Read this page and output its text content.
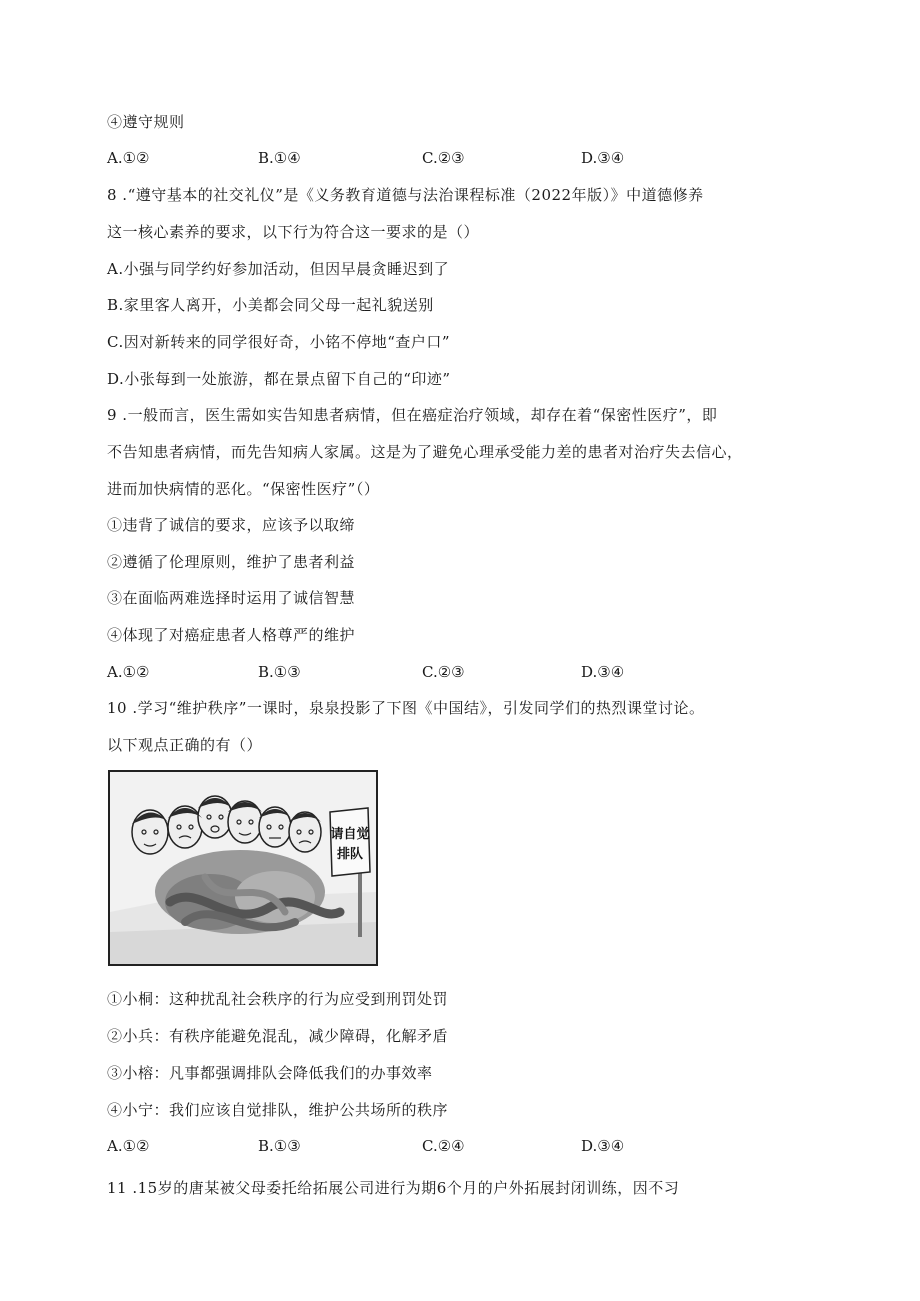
④遵守规则
A.①②	B.①④	C.②③	D.③④
8 .“遵守基本的社交礼仪”是《义务教育道德与法治课程标准（2022年版）》中道德修养
这一核心素养的要求，以下行为符合这一要求的是（）
A.小强与同学约好参加活动，但因早晨贪睡迟到了
B.家里客人离开，小美都会同父母一起礼貌送别
C.因对新转来的同学很好奇，小铭不停地“查户口”
D.小张每到一处旅游，都在景点留下自己的“印迹”
9 .一般而言，医生需如实告知患者病情，但在癌症治疗领域，却存在着“保密性医疗”，即
不告知患者病情，而先告知病人家属。这是为了避免心理承受能力差的患者对治疗失去信心，
进而加快病情的恶化。“保密性医疗”（）
①违背了诚信的要求，应该予以取缔
②遵循了伦理原则，维护了患者利益
③在面临两难选择时运用了诚信智慧
④体现了对癌症患者人格尊严的维护
A.①②	B.①③	C.②③	D.③④
10 .学习“维护秩序”一课时，泉泉投影了下图《中国结》，引发同学们的热烈课堂讨论。
以下观点正确的有（）
请自觉
排队
①小桐：这种扰乱社会秩序的行为应受到刑罚处罚
②小兵：有秩序能避免混乱，减少障碍，化解矛盾
③小榕：凡事都强调排队会降低我们的办事效率
④小宁：我们应该自觉排队，维护公共场所的秩序
A.①②	B.①③	C.②④	D.③④
11 .15岁的唐某被父母委托给拓展公司进行为期6个月的户外拓展封闭训练，因不习
